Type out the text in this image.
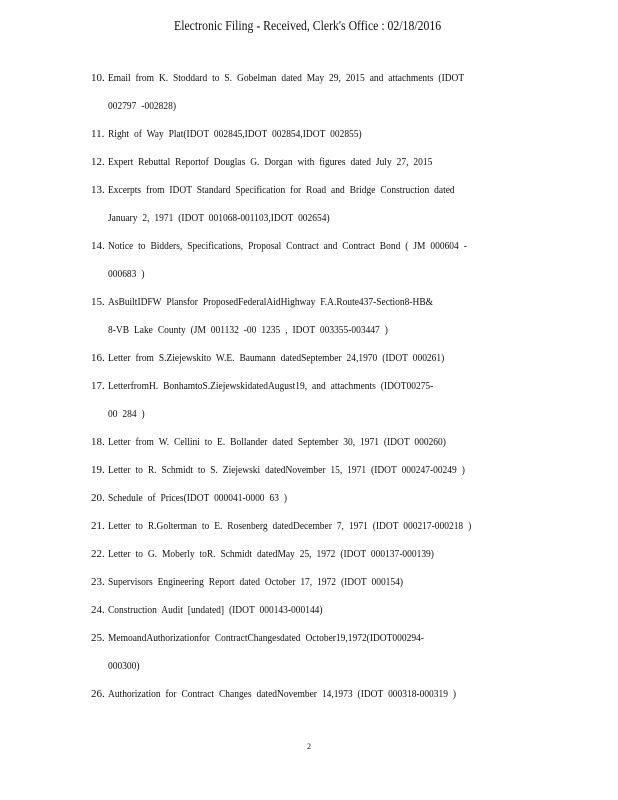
Electronic Filing - Received, Clerk's Office : 02/18/2016
10. Email from K. Stoddard to S. Gobelman dated May 29, 2015 and attachments (IDOT
002797 -002828)
11. Right of Way Plat(IDOT 002845,IDOT 002854,IDOT 002855)
12. Expert Rebuttal Reportof Douglas G. Dorgan with figures dated July 27, 2015
13. Excerpts from IDOT Standard Specification for Road and Bridge Construction dated
January 2, 1971 (IDOT 001068-001103,IDOT 002654)
14. Notice to Bidders, Specifications, Proposal Contract and Contract Bond ( JM 000604 -
000683 )
15. AsBuiltIDFW Plansfor ProposedFederalAidHighway F.A.Route437-Section8-HB&
8-VB Lake County (JM 001132 -00 1235 , IDOT 003355-003447 )
16. Letter from S.Ziejewskito W.E. Baumann datedSeptember 24,1970 (IDOT 000261)
17. LetterfromH. BonhamtoS.ZiejewskidatedAugust19, and attachments (IDOT00275-
00 284 )
18. Letter from W. Cellini to E. Bollander dated September 30, 1971 (IDOT 000260)
19. Letter to R. Schmidt to S. Ziejewski datedNovember 15, 1971 (IDOT 000247-00249 )
20. Schedule of Prices(IDOT 000041-0000 63 )
21. Letter to R.Golterman to E. Rosenberg datedDecember 7, 1971 (IDOT 000217-000218 )
22. Letter to G. Moberly toR. Schmidt datedMay 25, 1972 (IDOT 000137-000139)
23. Supervisors Engineering Report dated October 17, 1972 (IDOT 000154)
24. Construction Audit [undated] (IDOT 000143-000144)
25. MemoandAuthorizationfor ContractChangesdated October19,1972(IDOT000294-
000300)
26. Authorization for Contract Changes datedNovember 14,1973 (IDOT 000318-000319 )
2
